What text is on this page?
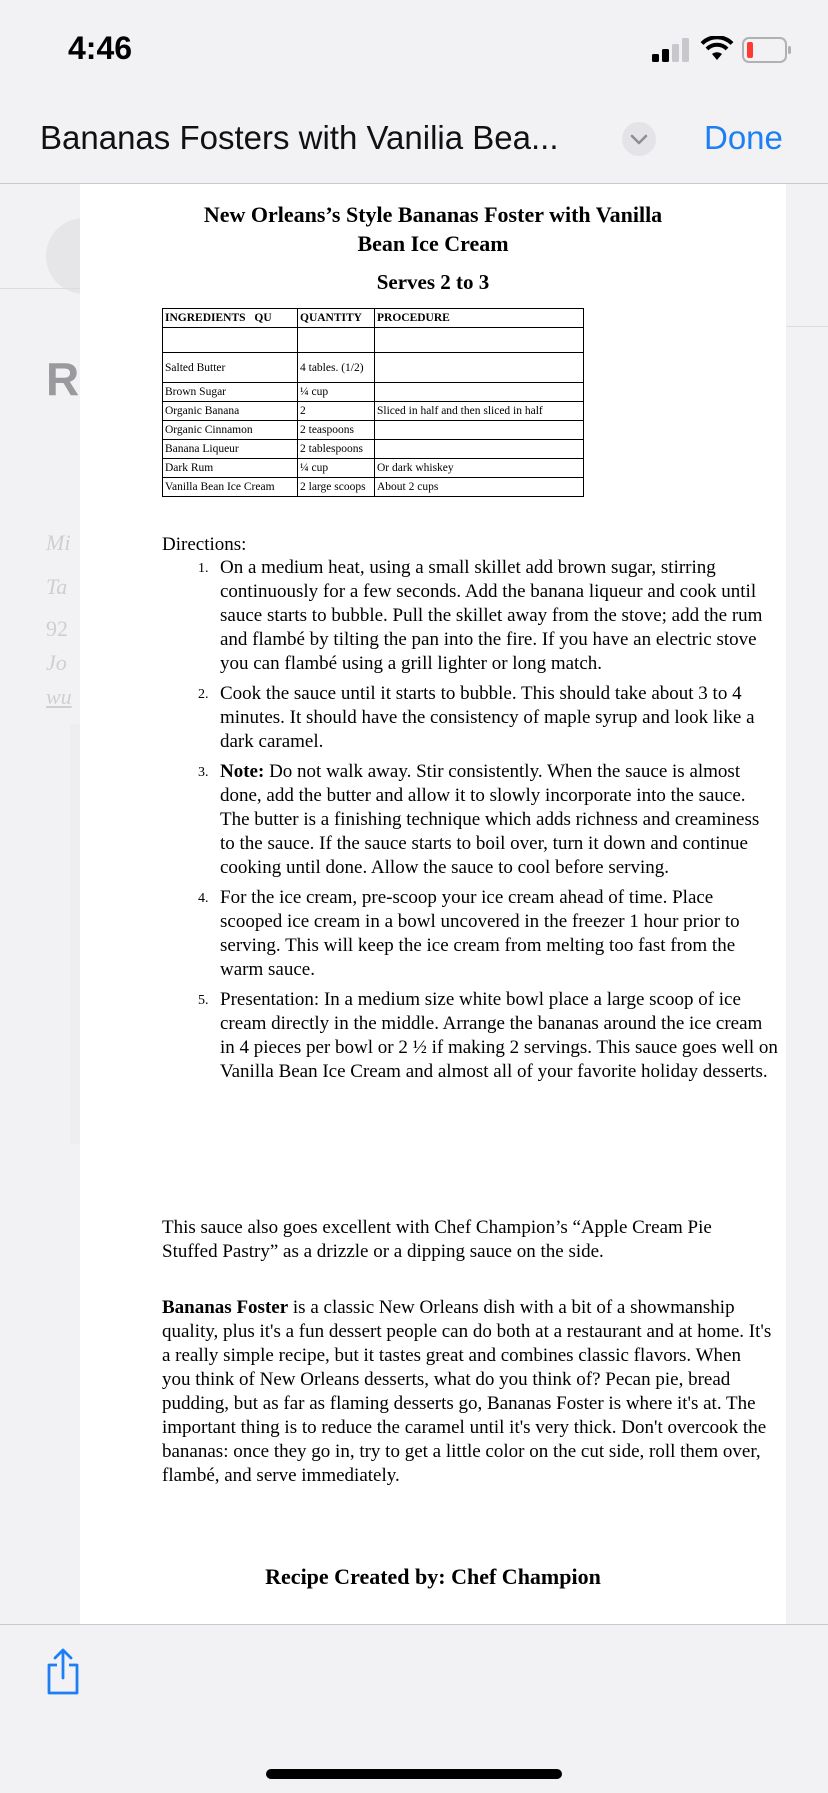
4:46
Bananas Fosters with Vanilia Bea...	Done
R
Mi
Ta
92
Jo
wu
New Orleans’s Style Bananas Foster with Vanilla
Bean Ice Cream
Serves 2 to 3
INGREDIENTS QU	QUANTITY	PROCEDURE

Salted Butter	4 tables. (1/2)	
Brown Sugar	¼ cup	
Organic Banana	2	Sliced in half and then sliced in half
Organic Cinnamon	2 teaspoons	
Banana Liqueur	2 tablespoons	
Dark Rum	¼ cup	Or dark whiskey
Vanilla Bean Ice Cream	2 large scoops	About 2 cups
Directions:
1. On a medium heat, using a small skillet add brown sugar, stirring continuously for a few seconds. Add the banana liqueur and cook until sauce starts to bubble. Pull the skillet away from the stove; add the rum and flambé by tilting the pan into the fire. If you have an electric stove you can flambé using a grill lighter or long match.
2. Cook the sauce until it starts to bubble. This should take about 3 to 4 minutes. It should have the consistency of maple syrup and look like a dark caramel.
3. Note: Do not walk away. Stir consistently. When the sauce is almost done, add the butter and allow it to slowly incorporate into the sauce. The butter is a finishing technique which adds richness and creaminess to the sauce. If the sauce starts to boil over, turn it down and continue cooking until done. Allow the sauce to cool before serving.
4. For the ice cream, pre-scoop your ice cream ahead of time. Place scooped ice cream in a bowl uncovered in the freezer 1 hour prior to serving. This will keep the ice cream from melting too fast from the warm sauce.
5. Presentation: In a medium size white bowl place a large scoop of ice cream directly in the middle. Arrange the bananas around the ice cream in 4 pieces per bowl or 2 ½ if making 2 servings. This sauce goes well on Vanilla Bean Ice Cream and almost all of your favorite holiday desserts.
This sauce also goes excellent with Chef Champion’s “Apple Cream Pie Stuffed Pastry” as a drizzle or a dipping sauce on the side.
Bananas Foster is a classic New Orleans dish with a bit of a showmanship quality, plus it's a fun dessert people can do both at a restaurant and at home. It's a really simple recipe, but it tastes great and combines classic flavors. When you think of New Orleans desserts, what do you think of? Pecan pie, bread pudding, but as far as flaming desserts go, Bananas Foster is where it's at. The important thing is to reduce the caramel until it's very thick. Don't overcook the bananas: once they go in, try to get a little color on the cut side, roll them over, flambé, and serve immediately.
Recipe Created by: Chef Champion
